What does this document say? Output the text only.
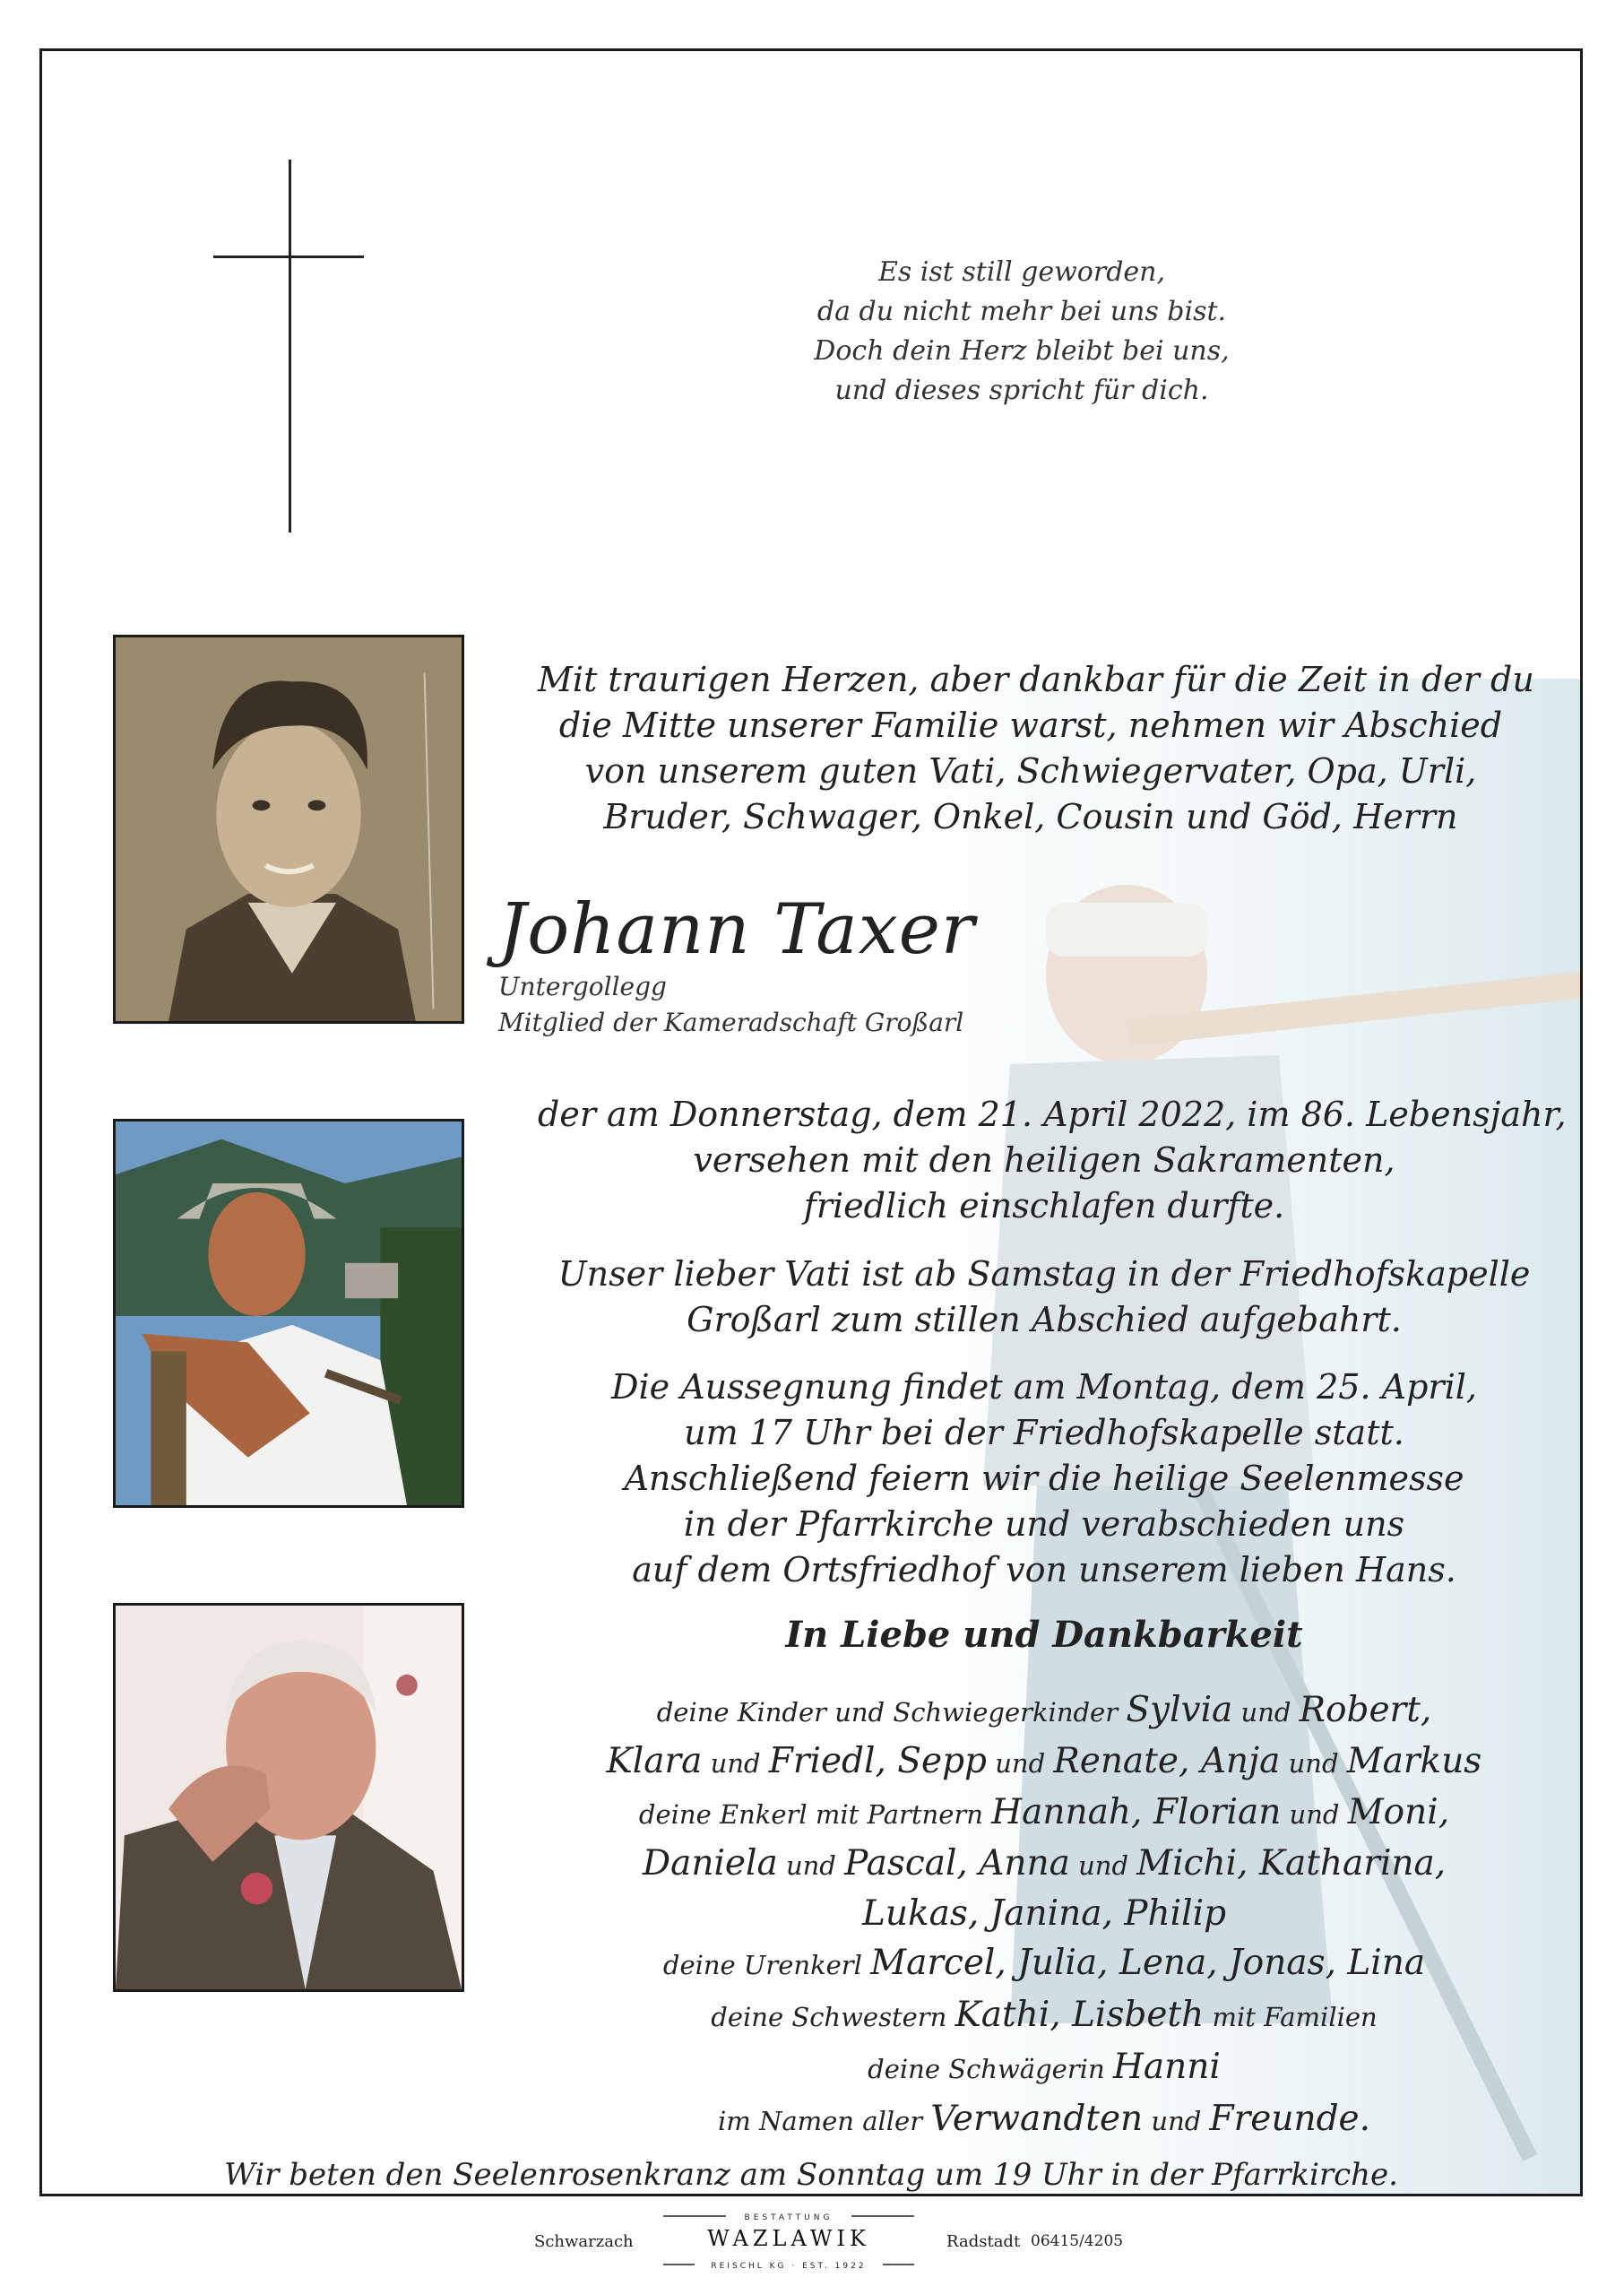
Es ist still geworden,
da du nicht mehr bei uns bist.
Doch dein Herz bleibt bei uns,
und dieses spricht für dich.
Mit traurigen Herzen, aber dankbar für die Zeit in der du
die Mitte unserer Familie warst, nehmen wir Abschied
von unserem guten Vati, Schwiegervater, Opa, Urli,
Bruder, Schwager, Onkel, Cousin und Göd, Herrn
Johann Taxer
Untergollegg
Mitglied der Kameradschaft Großarl
der am Donnerstag, dem 21. April 2022, im 86. Lebensjahr,
versehen mit den heiligen Sakramenten,
friedlich einschlafen durfte.
Unser lieber Vati ist ab Samstag in der Friedhofskapelle
Großarl zum stillen Abschied aufgebahrt.
Die Aussegnung findet am Montag, dem 25. April,
um 17 Uhr bei der Friedhofskapelle statt.
Anschließend feiern wir die heilige Seelenmesse
in der Pfarrkirche und verabschieden uns
auf dem Ortsfriedhof von unserem lieben Hans.
In Liebe und Dankbarkeit
deine Kinder und Schwiegerkinder Sylvia und Robert,
Klara und Friedl, Sepp und Renate, Anja und Markus
deine Enkerl mit Partnern Hannah, Florian und Moni,
Daniela und Pascal, Anna und Michi, Katharina,
Lukas, Janina, Philip
deine Urenkerl Marcel, Julia, Lena, Jonas, Lina
deine Schwestern Kathi, Lisbeth mit Familien
deine Schwägerin Hanni
im Namen aller Verwandten und Freunde.
Wir beten den Seelenrosenkranz am Sonntag um 19 Uhr in der Pfarrkirche.
Schwarzach
BESTATTUNG
WAZLAWIK
REISCHL KG · EST. 1922
Radstadt 06415/4205
